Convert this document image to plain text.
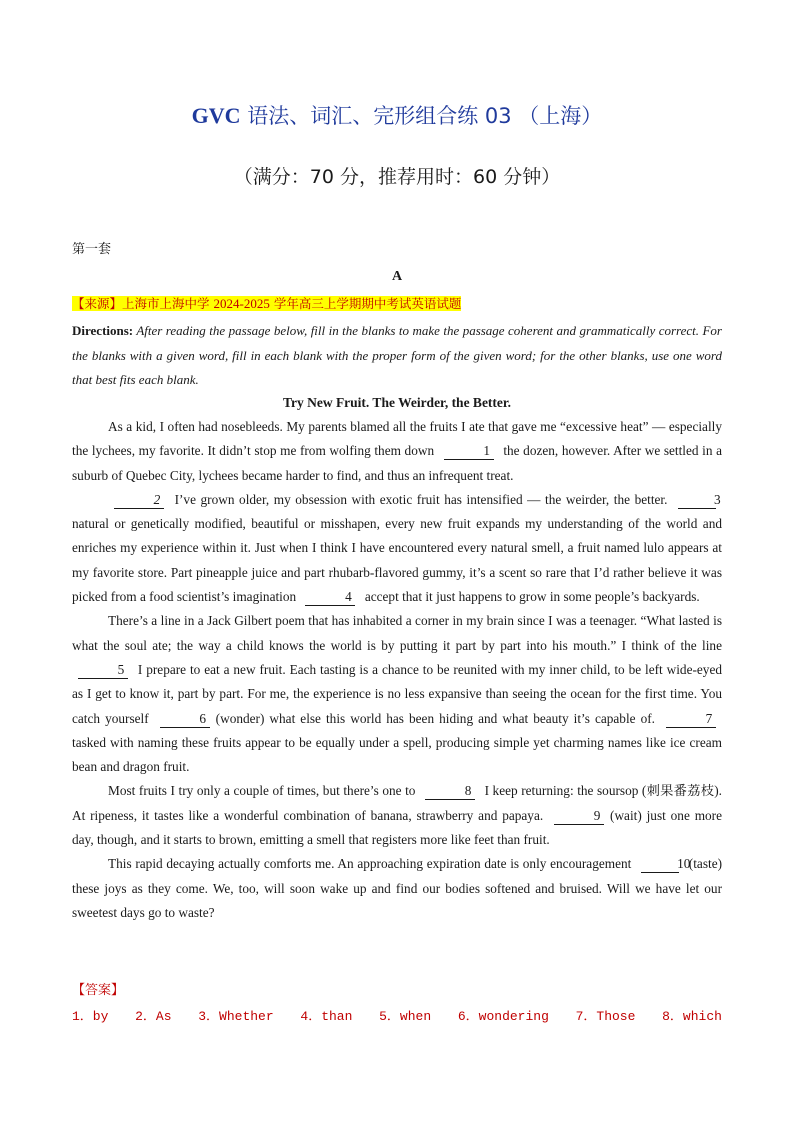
GVC 语法、词汇、完形组合练 03 （上海）
（满分：70 分，推荐用时：60 分钟）
第一套
A
【来源】上海市上海中学 2024-2025 学年高三上学期期中考试英语试题
Directions: After reading the passage below, fill in the blanks to make the passage coherent and grammatically correct. For the blanks with a given word, fill in each blank with the proper form of the given word; for the other blanks, use one word that best fits each blank.
Try New Fruit. The Weirder, the Better.

As a kid, I often had nosebleeds. My parents blamed all the fruits I ate that gave me “excessive heat” — especially the lychees, my favorite. It didn’t stop me from wolfing them down	1 the dozen, however. After we settled in a suburb of Quebec City, lychees became harder to find, and thus an infrequent treat.

2 I’ve grown older, my obsession with exotic fruit has intensified — the weirder, the better.	3 natural or genetically modified, beautiful or misshapen, every new fruit expands my understanding of the world and enriches my experience within it. Just when I think I have encountered every natural smell, a fruit named lulo appears at my favorite store. Part pineapple juice and part rhubarb-flavored gummy, it’s a scent so rare that I’d rather believe it was picked from a food scientist’s imagination	4 accept that it just happens to grow in some people’s backyards.

There’s a line in a Jack Gilbert poem that has inhabited a corner in my brain since I was a teenager. “What lasted is what the soul ate; the way a child knows the world is by putting it part by part into his mouth.” I think of the line 5 I prepare to eat a new fruit. Each tasting is a chance to be reunited with my inner child, to be left wide-eyed as I get to know it, part by part. For me, the experience is no less expansive than seeing the ocean for the first time. You catch yourself	6 (wonder) what else this world has been hiding and what beauty it’s capable of.	7 tasked with naming these fruits appear to be equally under a spell, producing simple yet charming names like ice cream bean and dragon fruit.

Most fruits I try only a couple of times, but there’s one to	8 I keep returning: the soursop (刺果番荔枝). At ripeness, it tastes like a wonderful combination of banana, strawberry and papaya.	9 (wait) just one more day, though, and it starts to brown, emitting a smell that registers more like feet than fruit.

This rapid decaying actually comforts me. An approaching expiration date is only encouragement	10 (taste) these joys as they come. We, too, will soon wake up and find our bodies softened and bruised. Will we have let our sweetest days go to waste?

【答案】
1．by 2．As 3．Whether 4．than 5．when 6．wondering 7．Those 8．which
